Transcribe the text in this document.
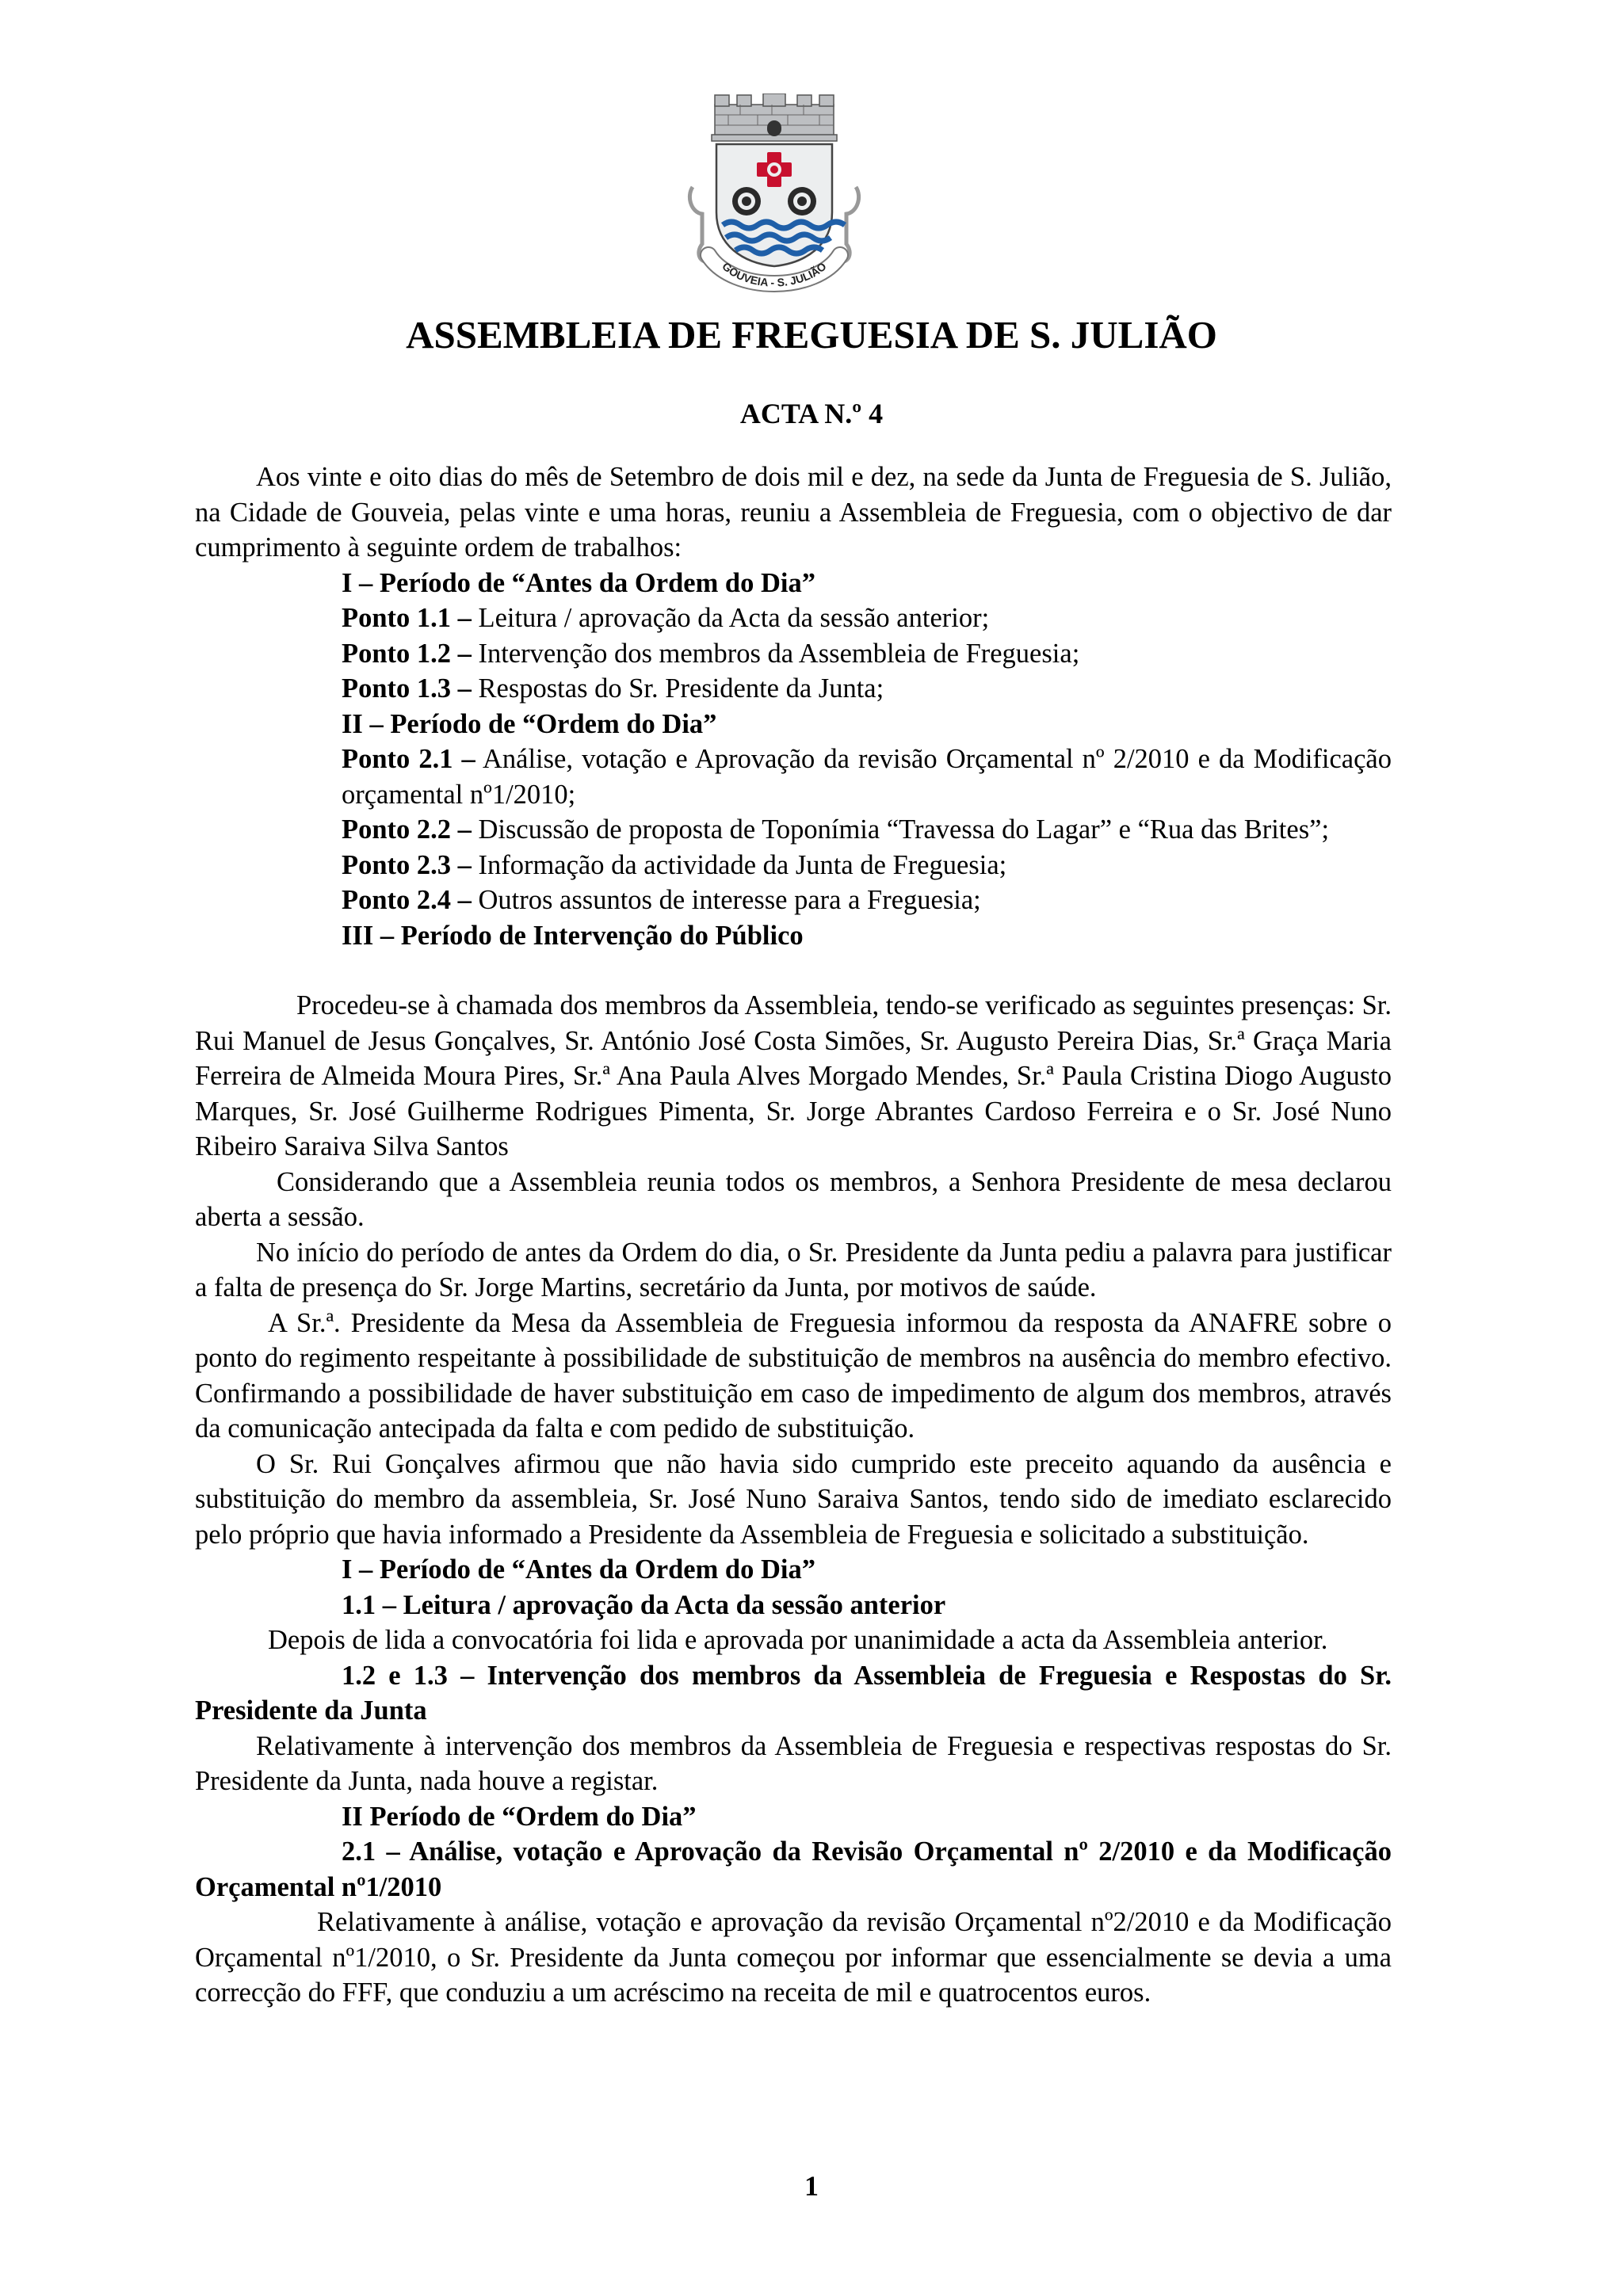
GOUVEIA - S. JULIÃO
ASSEMBLEIA DE FREGUESIA DE S. JULIÃO
ACTA N.º 4

Aos vinte e oito dias do mês de Setembro de dois mil e dez, na sede da Junta de Freguesia de S. Julião, na Cidade de Gouveia, pelas vinte e uma horas, reuniu a Assembleia de Freguesia, com o objectivo de dar cumprimento à seguinte ordem de trabalhos:

I – Período de “Antes da Ordem do Dia”

Ponto 1.1 – Leitura / aprovação da Acta da sessão anterior;

Ponto 1.2 – Intervenção dos membros da Assembleia de Freguesia;

Ponto 1.3 – Respostas do Sr. Presidente da Junta;

II – Período de “Ordem do Dia”

Ponto 2.1 – Análise, votação e Aprovação da revisão Orçamental nº 2/2010 e da Modificação orçamental nº1/2010;

Ponto 2.2 – Discussão de proposta de Toponímia “Travessa do Lagar” e “Rua das Brites”;

Ponto 2.3 – Informação da actividade da Junta de Freguesia;

Ponto 2.4 – Outros assuntos de interesse para a Freguesia;

III – Período de Intervenção do Público

Procedeu-se à chamada dos membros da Assembleia, tendo-se verificado as seguintes presenças: Sr. Rui Manuel de Jesus Gonçalves, Sr. António José Costa Simões, Sr. Augusto Pereira Dias, Sr.ª Graça Maria Ferreira de Almeida Moura Pires, Sr.ª Ana Paula Alves Morgado Mendes, Sr.ª Paula Cristina Diogo Augusto Marques, Sr. José Guilherme Rodrigues Pimenta, Sr. Jorge Abrantes Cardoso Ferreira e o Sr. José Nuno Ribeiro Saraiva Silva Santos

Considerando que a Assembleia reunia todos os membros, a Senhora Presidente de mesa declarou aberta a sessão.

No início do período de antes da Ordem do dia, o Sr. Presidente da Junta pediu a palavra para justificar a falta de presença do Sr. Jorge Martins, secretário da Junta, por motivos de saúde.

A Sr.ª. Presidente da Mesa da Assembleia de Freguesia informou da resposta da ANAFRE sobre o ponto do regimento respeitante à possibilidade de substituição de membros na ausência do membro efectivo. Confirmando a possibilidade de haver substituição em caso de impedimento de algum dos membros, através da comunicação antecipada da falta e com pedido de substituição.

O Sr. Rui Gonçalves afirmou que não havia sido cumprido este preceito aquando da ausência e substituição do membro da assembleia, Sr. José Nuno Saraiva Santos, tendo sido de imediato esclarecido pelo próprio que havia informado a Presidente da Assembleia de Freguesia e solicitado a substituição.

I – Período de “Antes da Ordem do Dia”

1.1 – Leitura / aprovação da Acta da sessão anterior

Depois de lida a convocatória foi lida e aprovada por unanimidade a acta da Assembleia anterior.

1.2 e 1.3 – Intervenção dos membros da Assembleia de Freguesia e Respostas do Sr. Presidente da Junta

Relativamente à intervenção dos membros da Assembleia de Freguesia e respectivas respostas do Sr. Presidente da Junta, nada houve a registar.

II Período de “Ordem do Dia”

2.1 – Análise, votação e Aprovação da Revisão Orçamental nº 2/2010 e da Modificação Orçamental nº1/2010

Relativamente à análise, votação e aprovação da revisão Orçamental nº2/2010 e da Modificação Orçamental nº1/2010, o Sr. Presidente da Junta começou por informar que essencialmente se devia a uma correcção do FFF, que conduziu a um acréscimo na receita de mil e quatrocentos euros.

1
